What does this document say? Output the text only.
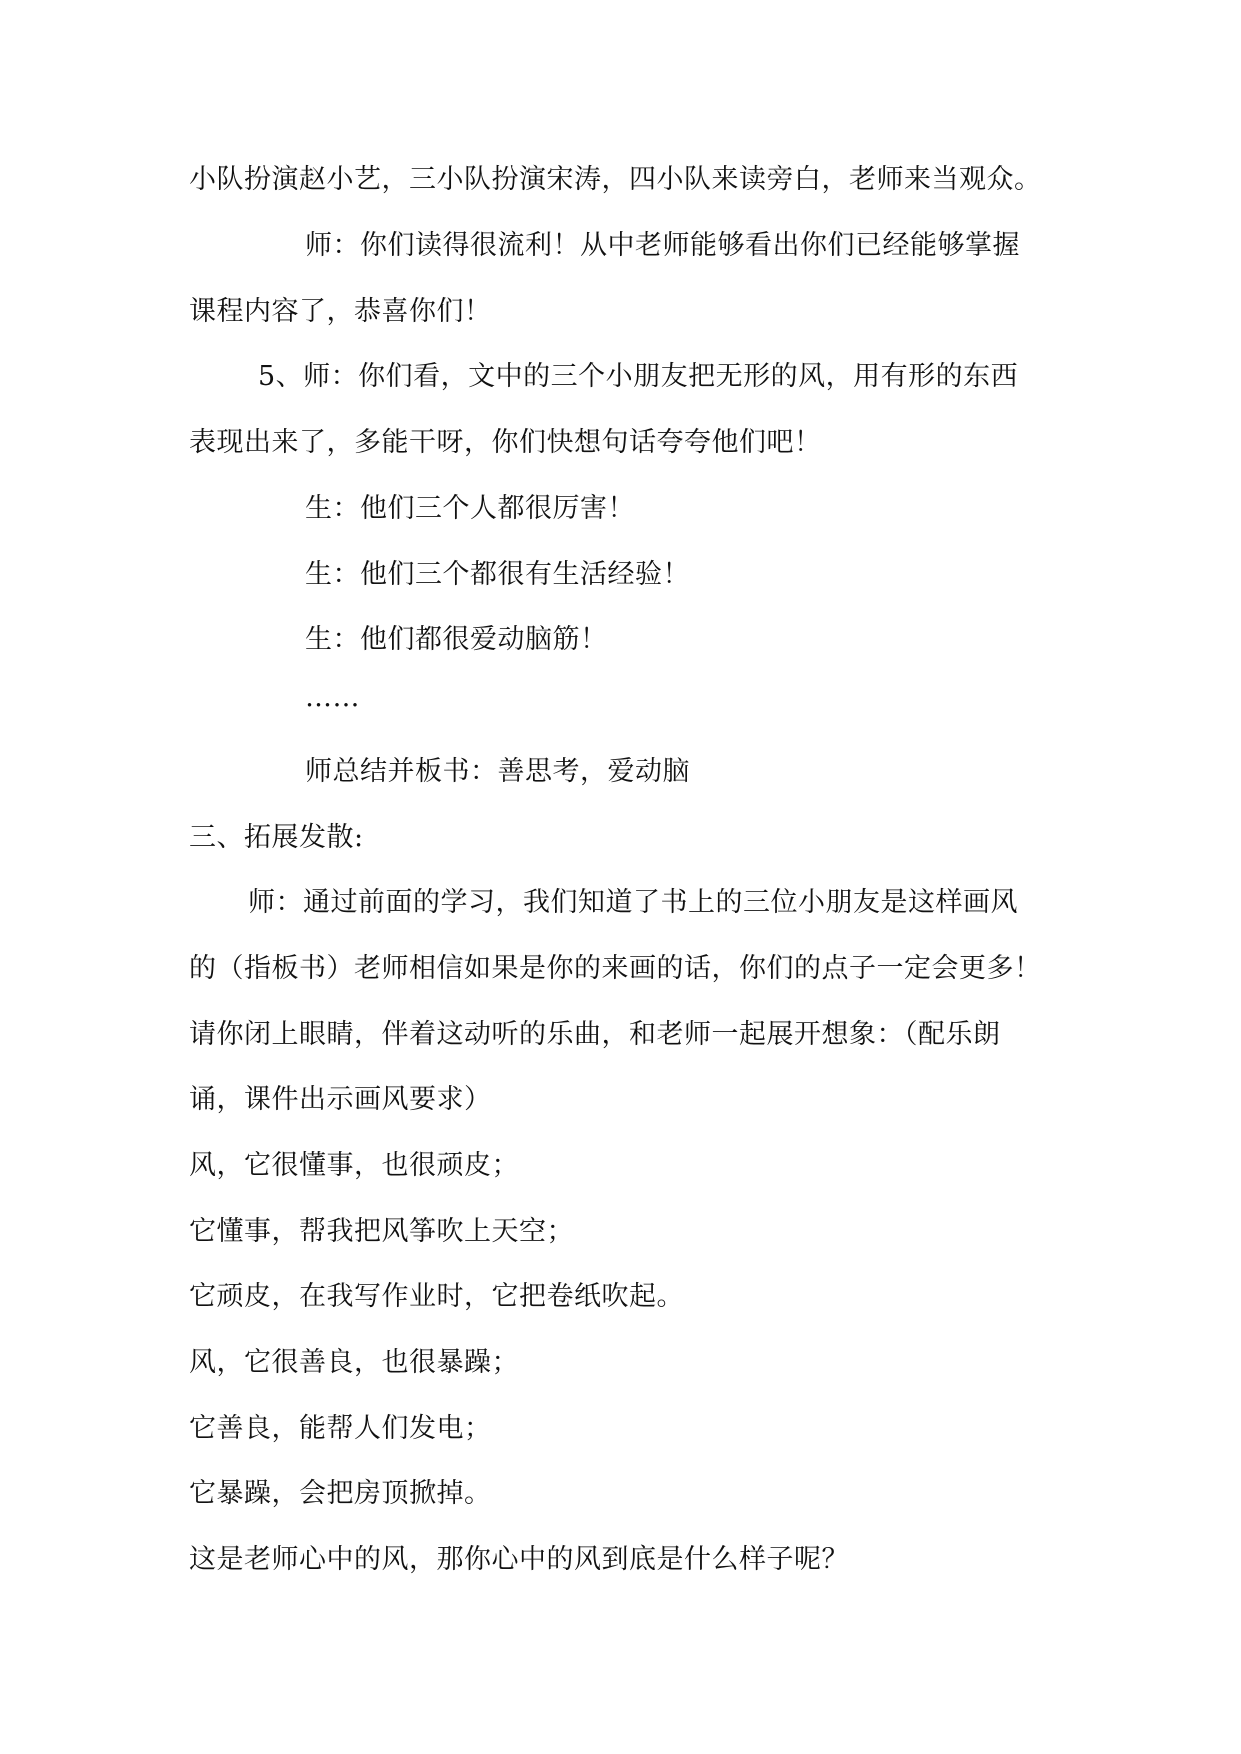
小队扮演赵小艺，三小队扮演宋涛，四小队来读旁白，老师来当观众。
师：你们读得很流利！从中老师能够看出你们已经能够掌握
课程内容了，恭喜你们！
5、师：你们看，文中的三个小朋友把无形的风，用有形的东西
表现出来了，多能干呀，你们快想句话夸夸他们吧！
生：他们三个人都很厉害！
生：他们三个都很有生活经验！
生：他们都很爱动脑筋！
……
师总结并板书：善思考，爱动脑
三、拓展发散:
师：通过前面的学习，我们知道了书上的三位小朋友是这样画风
的（指板书）老师相信如果是你的来画的话，你们的点子一定会更多！
请你闭上眼睛，伴着这动听的乐曲，和老师一起展开想象：（配乐朗
诵，课件出示画风要求）
风，它很懂事，也很顽皮；
它懂事，帮我把风筝吹上天空；
它顽皮，在我写作业时，它把卷纸吹起。
风，它很善良，也很暴躁；
它善良，能帮人们发电；
它暴躁，会把房顶掀掉。
这是老师心中的风，那你心中的风到底是什么样子呢？
